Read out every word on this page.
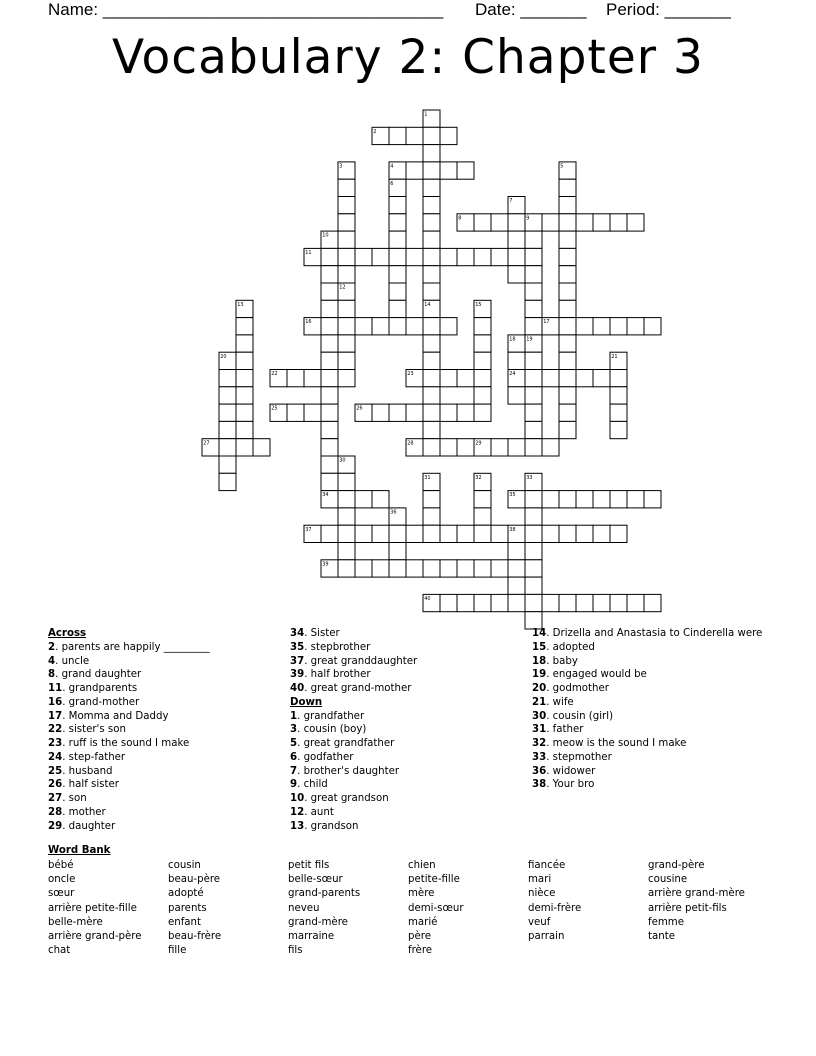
Name: ____________________________________ Date: _______ Period: _______
Vocabulary 2: Chapter 3
1
2
3	4	5
6
7
8	9
10
11
12
13	14	15
16	17
18 19
20	21
22	23	24
25	26
27	28	29
30
31	32	33
34	35
36
37	38
39
40
Across
2. parents are happily _________
4. uncle
8. grand daughter
11. grandparents
16. grand-mother
17. Momma and Daddy
22. sister's son
23. ruff is the sound I make
24. step-father
25. husband
26. half sister
27. son
28. mother
29. daughter
34. Sister
35. stepbrother
37. great granddaughter
39. half brother
40. great grand-mother
Down
1. grandfather
3. cousin (boy)
5. great grandfather
6. godfather
7. brother's daughter
9. child
10. great grandson
12. aunt
13. grandson
14. Drizella and Anastasia to Cinderella were
15. adopted
18. baby
19. engaged would be
20. godmother
21. wife
30. cousin (girl)
31. father
32. meow is the sound I make
33. stepmother
36. widower
38. Your bro
Word Bank
bébé
oncle
sœur
arrière petite-fille
belle-mère
arrière grand-père
chat
cousin
beau-père
adopté
parents
enfant
beau-frère
fille
petit fils
belle-sœur
grand-parents
neveu
grand-mère
marraine
fils
chien
petite-fille
mère
demi-sœur
marié
père
frère
fiancée
mari
nièce
demi-frère
veuf
parrain
grand-père
cousine
arrière grand-mère
arrière petit-fils
femme
tante
